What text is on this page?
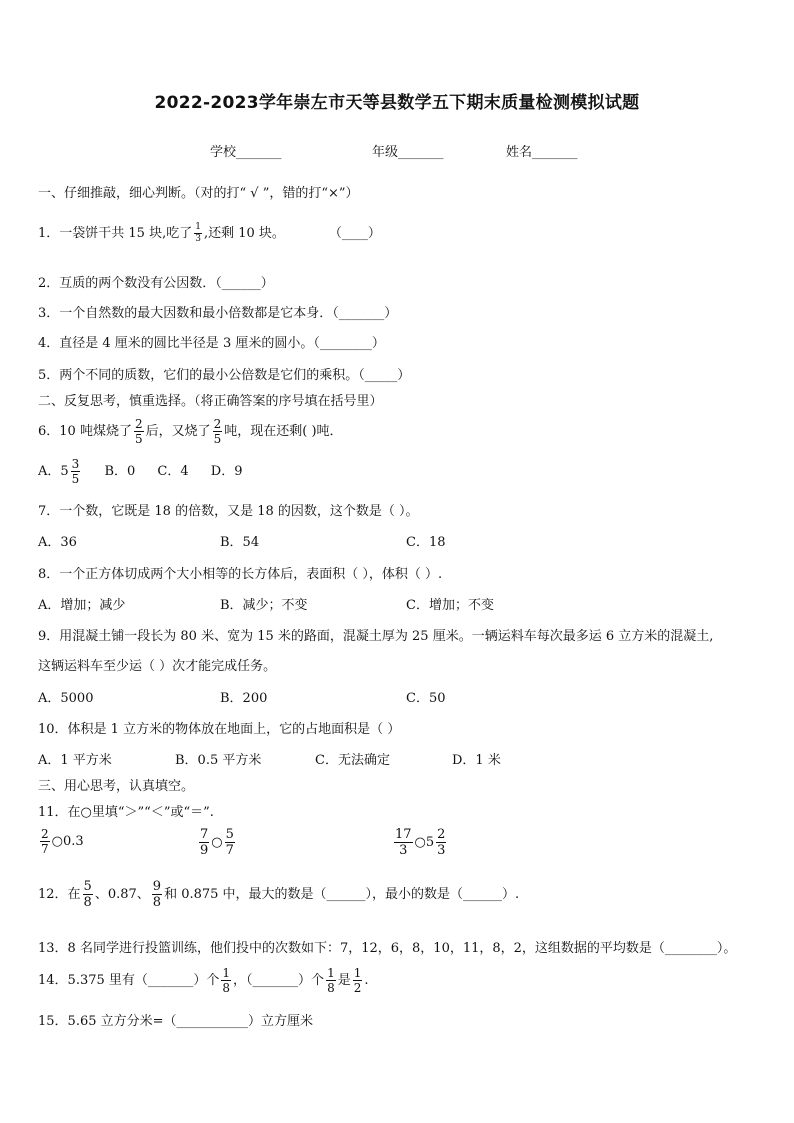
2022-2023学年崇左市天等县数学五下期末质量检测模拟试题
学校_______	年级_______	姓名_______
一、仔细推敲，细心判断。（对的打“ √ ”，错的打“×”）
1．一袋饼干共 15 块,吃了 $\frac{1}{3}$ ,还剩 10 块。	（____）
2．互质的两个数没有公因数．（______）
3．一个自然数的最大因数和最小倍数都是它本身．（_______）
4．直径是 4 厘米的圆比半径是 3 厘米的圆小。（________）
5．两个不同的质数，它们的最小公倍数是它们的乘积。（_____）
二、反复思考，慎重选择。（将正确答案的序号填在括号里）
6．10 吨煤烧了 $\frac{2}{5}$ 后，又烧了 $\frac{2}{5}$ 吨，现在还剩( )吨．
A．$5 \frac{3}{5}$ B．0 C．4 D．9
7．一个数，它既是 18 的倍数，又是 18 的因数，这个数是（ ）。
A．36	B．54	C．18
8．一个正方体切成两个大小相等的长方体后，表面积（ ），体积（ ）.
A．增加；减少	B．减少；不变	C．增加；不变
9．用混凝土铺一段长为 80 米、宽为 15 米的路面，混凝土厚为 25 厘米。一辆运料车每次最多运 6 立方米的混凝土,
这辆运料车至少运（ ）次才能完成任务。
A．5000	B．200	C．50
10．体积是 1 立方米的物体放在地面上，它的占地面积是（ ）
A．1 平方米	B．0.5 平方米	C．无法确定	D．1 米
三、用心思考，认真填空。
11．在○里填“＞”“＜”或“＝”.
$\frac{2}{7}$ ○0.3	$\frac{7}{9}$ ○ $\frac{5}{7}$	$\frac{17}{3}$ ○5 $\frac{2}{3}$
12．在 $\frac{5}{8}$ 、0.87、 $\frac{9}{8}$ 和 0.875 中，最大的数是（______），最小的数是（______）.
13．8 名同学进行投篮训练，他们投中的次数如下：7，12，6，8，10，11，8，2，这组数据的平均数是（________）。
14．5.375 里有（_______）个 $\frac{1}{8}$ ，（_______）个 $\frac{1}{8}$ 是 $\frac{1}{2}$ .
15．5.65 立方分米=（___________）立方厘米
